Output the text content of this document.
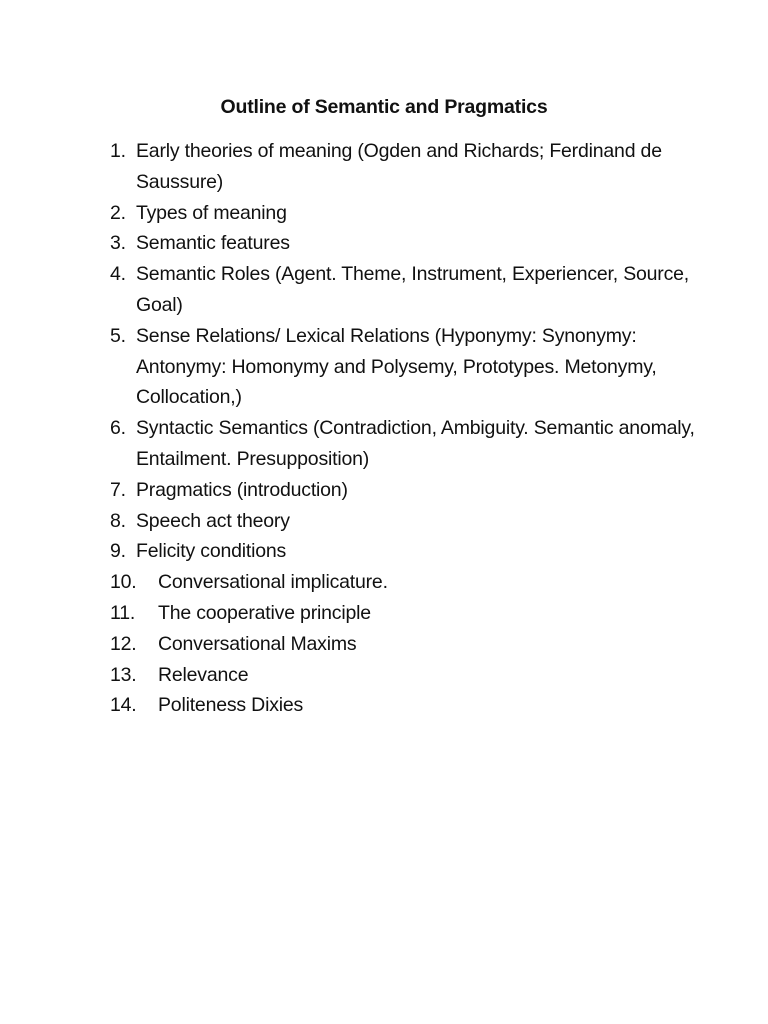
Outline of Semantic and Pragmatics
1. Early theories of meaning (Ogden and Richards; Ferdinand de Saussure)
2. Types of meaning
3. Semantic features
4. Semantic Roles (Agent. Theme, Instrument, Experiencer, Source, Goal)
5. Sense Relations/ Lexical Relations (Hyponymy: Synonymy: Antonymy: Homonymy and Polysemy, Prototypes. Metonymy, Collocation,)
6. Syntactic Semantics (Contradiction, Ambiguity. Semantic anomaly, Entailment. Presupposition)
7. Pragmatics (introduction)
8. Speech act theory
9. Felicity conditions
10.	Conversational implicature.
11.	The cooperative principle
12.	Conversational Maxims
13.	Relevance
14.	Politeness Dixies
